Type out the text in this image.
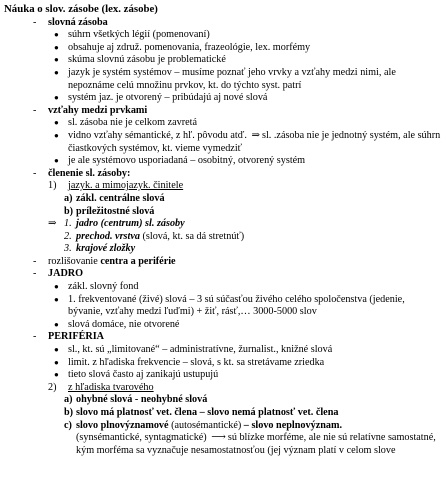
Náuka o slov. zásobe (lex. zásobe)
- slovná zásoba
● súhrn všetkých légií (pomenovaní)
● obsahuje aj združ. pomenovania, frazeológie, lex. morfémy
● skúma slovnú zásobu je problematické
● jazyk je systém systémov – musíme poznať jeho vrvky a vzťahy medzi nimi, ale nepoznáme celú množinu prvkov, kt. do týchto syst. patrí
● systém jaz. je otvorený – pribúdajú aj nové slová
- vzťahy medzi prvkami
● sl. zásoba nie je celkom zavretá
● vidno vzťahy sémantické, z hľ. pôvodu atď. ⇒ sl. .zásoba nie je jednotný systém, ale súhrn čiastkových systémov, kt. vieme vymedziť
● je ale systémovo usporiadaná – osobitný, otvorený systém
- členenie sl. zásoby:
1) jazyk. a mimojazyk. činitele
a) zákl. centrálne slová
b) príležitostné slová
⇒ 1. jadro (centrum) sl. zásoby
2. prechod. vrstva (slová, kt. sa dá stretnúť)
3. krajové zložky
- rozlišovanie centra a periférie
- JADRO
● zákl. slovný fond
● 1. frekventované (živé) slová – 3 sú súčasťou živého celého spoločenstva (jedenie, bývanie, vzťahy medzi ľuďmi) + žiť, rásť,… 3000-5000 slov
● slová domáce, nie otvorené
- PERIFÉRIA
● sl., kt. sú „limitované“ – administratívne, žurnalist., knižné slová
● limit. z hľadiska frekvencie – slová, s kt. sa stretávame zriedka
● tieto slová často aj zanikajú ustupujú
2) z hľadiska tvarového
a) ohybné slová - neohybné slová
b) slovo má platnosť vet. člena – slovo nemá platnosť vet. člena
c) slovo plnovýznamové (autosémantické) – slovo neplnovýznam.
(synsémantické, syntagmatické) ⟶ sú blízke morféme, ale nie sú relatívne samostatné, kým morféma sa vyznačuje nesamostatnosťou (jej význam platí v celom slove
